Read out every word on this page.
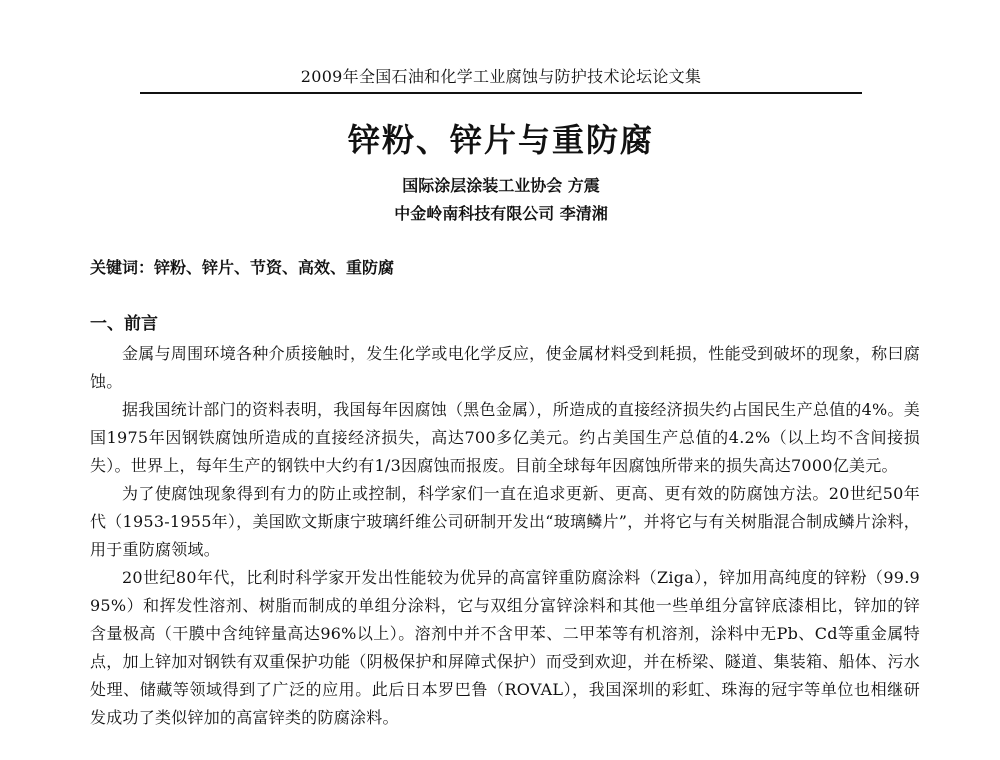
2009年全国石油和化学工业腐蚀与防护技术论坛论文集
锌粉、锌片与重防腐
国际涂层涂装工业协会 方震
中金岭南科技有限公司 李清湘
关键词：锌粉、锌片、节资、高效、重防腐
一、前言

金属与周围环境各种介质接触时，发生化学或电化学反应，使金属材料受到耗损，性能受到破坏的现象，称曰腐蚀。

据我国统计部门的资料表明，我国每年因腐蚀（黑色金属），所造成的直接经济损失约占国民生产总值的4%。美国1975年因钢铁腐蚀所造成的直接经济损失，高达700多亿美元。约占美国生产总值的4.2%（以上均不含间接损失）。世界上，每年生产的钢铁中大约有1/3因腐蚀而报废。目前全球每年因腐蚀所带来的损失高达7000亿美元。

为了使腐蚀现象得到有力的防止或控制，科学家们一直在追求更新、更高、更有效的防腐蚀方法。20世纪50年代（1953-1955年），美国欧文斯康宁玻璃纤维公司研制开发出“玻璃鳞片”，并将它与有关树脂混合制成鳞片涂料，用于重防腐领域。

20世纪80年代，比利时科学家开发出性能较为优异的高富锌重防腐涂料（Ziga），锌加用高纯度的锌粉（99.995%）和挥发性溶剂、树脂而制成的单组分涂料，它与双组分富锌涂料和其他一些单组分富锌底漆相比，锌加的锌含量极高（干膜中含纯锌量高达96%以上）。溶剂中并不含甲苯、二甲苯等有机溶剂，涂料中无Pb、Cd等重金属特点，加上锌加对钢铁有双重保护功能（阴极保护和屏障式保护）而受到欢迎，并在桥梁、隧道、集装箱、船体、污水处理、储藏等领域得到了广泛的应用。此后日本罗巴鲁（ROVAL），我国深圳的彩虹、珠海的冠宇等单位也相继研发成功了类似锌加的高富锌类的防腐涂料。
